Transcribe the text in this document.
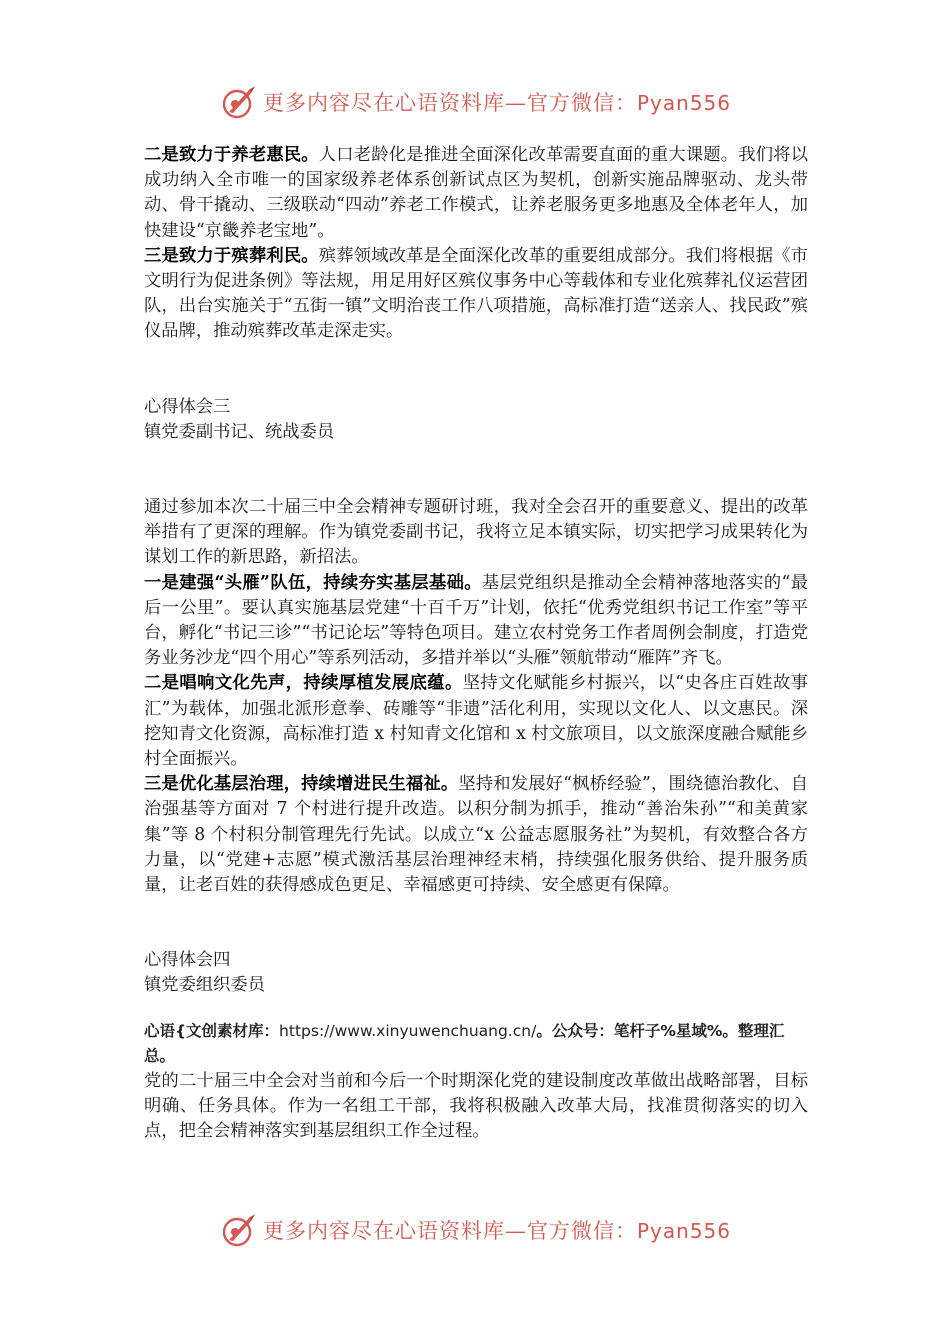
更多内容尽在心语资料库—官方微信：Pyan556

二是致力于养老惠民。人口老龄化是推进全面深化改革需要直面的重大课题。我们将以成功纳入全市唯一的国家级养老体系创新试点区为契机，创新实施品牌驱动、龙头带动、骨干撬动、三级联动“四动”养老工作模式，让养老服务更多地惠及全体老年人，加快建设“京畿养老宝地”。

三是致力于殡葬利民。殡葬领域改革是全面深化改革的重要组成部分。我们将根据《市文明行为促进条例》等法规，用足用好区殡仪事务中心等载体和专业化殡葬礼仪运营团队，出台实施关于“五街一镇”文明治丧工作八项措施，高标准打造“送亲人、找民政”殡仪品牌，推动殡葬改革走深走实。

心得体会三

镇党委副书记、统战委员

通过参加本次二十届三中全会精神专题研讨班，我对全会召开的重要意义、提出的改革举措有了更深的理解。作为镇党委副书记，我将立足本镇实际，切实把学习成果转化为谋划工作的新思路，新招法。

一是建强“头雁”队伍，持续夯实基层基础。基层党组织是推动全会精神落地落实的“最后一公里”。要认真实施基层党建“十百千万”计划，依托“优秀党组织书记工作室”等平台，孵化“书记三诊”“书记论坛”等特色项目。建立农村党务工作者周例会制度，打造党务业务沙龙“四个用心”等系列活动，多措并举以“头雁”领航带动“雁阵”齐飞。

二是唱响文化先声，持续厚植发展底蕴。坚持文化赋能乡村振兴，以“史各庄百姓故事汇”为载体，加强北派形意拳、砖雕等“非遗”活化利用，实现以文化人、以文惠民。深挖知青文化资源，高标准打造 x 村知青文化馆和 x 村文旅项目，以文旅深度融合赋能乡村全面振兴。

三是优化基层治理，持续增进民生福祉。坚持和发展好“枫桥经验”，围绕德治教化、自治强基等方面对 7 个村进行提升改造。以积分制为抓手，推动“善治朱孙”“和美黄家集”等 8 个村积分制管理先行先试。以成立“x 公益志愿服务社”为契机，有效整合各方力量，以“党建+志愿”模式激活基层治理神经末梢，持续强化服务供给、提升服务质量，让老百姓的获得感成色更足、幸福感更可持续、安全感更有保障。

心得体会四

镇党委组织委员

心语{文创素材库：https://www.xinyuwenchuang.cn/。公众号：笔杆子%星域%。整理汇总。

党的二十届三中全会对当前和今后一个时期深化党的建设制度改革做出战略部署，目标明确、任务具体。作为一名组工干部，我将积极融入改革大局，找准贯彻落实的切入点，把全会精神落实到基层组织工作全过程。

更多内容尽在心语资料库—官方微信：Pyan556
